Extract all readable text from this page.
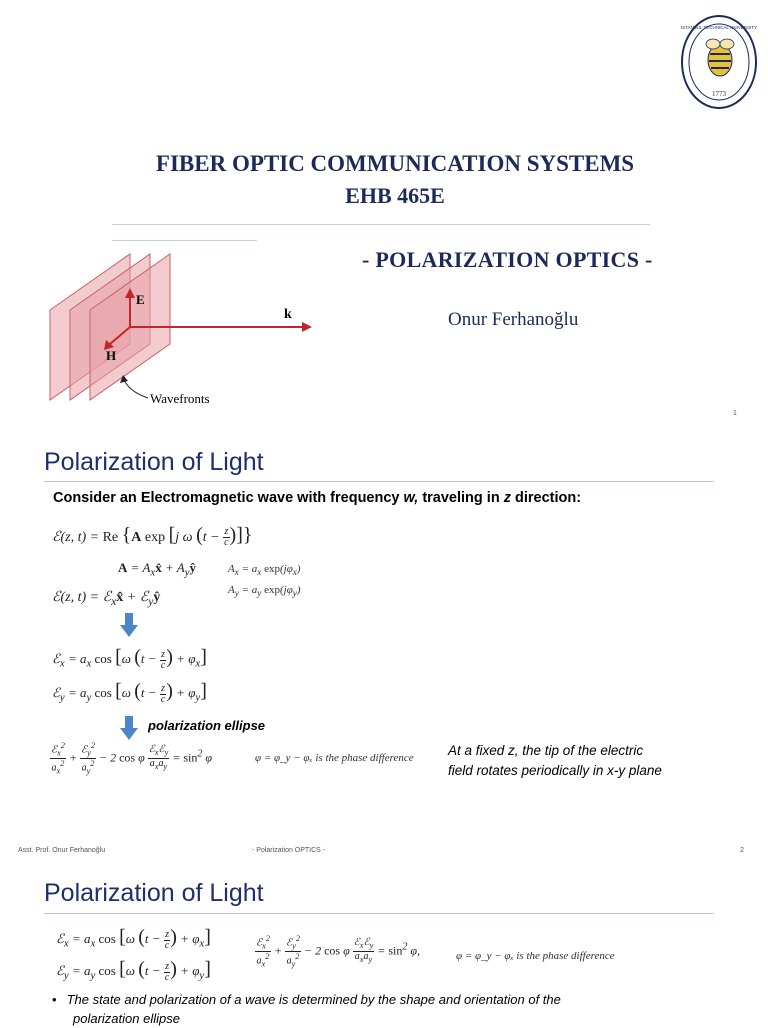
1773
ISTANBUL TECHNICAL UNIVERSITY
FIBER OPTIC COMMUNICATION SYSTEMS
EHB 465E
- POLARIZATION OPTICS -
Onur Ferhanoğlu
E
H
k
Wavefronts
1
Polarization of Light
Consider an Electromagnetic wave with frequency w, traveling in z direction:
ℰ(z, t) = Re {A exp [j ω ($t - \frac{z}{c}$ )]}
$A = A_xx̂$ + $A_yŷ$	$A_x = a_x$ $\exp(j\varphi_x)$
$A_y = a_y$ $\exp(j\varphi_y)$
ℰ(z, t) = ℰ$_x$x̂ + ℰ$_y$ŷ
ℰ$_x$ = $a_x$ cos [ω ($t - \frac{z}{c}$ ) + $\varphi_x$]
ℰ$_y$ = $a_y$ cos [ω ($t - \frac{z}{c}$ ) + $\varphi_y$]
polarization ellipse
$\frac{ℰ_x^2}{a_x^2} + \frac{ℰ_y^2}{a_y^2} - 2$ cos φ $\frac{ℰ_xℰ_y}{a_xa_y} = \sin^2 \varphi$	φ = φ_y − φₓ is the phase difference	At a fixed z, the tip of the electric
field rotates periodically in x-y plane
Asst. Prof. Onur Ferhanoğlu	- Polarization OPTICS -	2
Polarization of Light
ℰ$_x$ = $a_x$ cos [ω ($t - \frac{z}{c}$ ) + $\varphi_x$]
ℰ$_y$ = $a_y$ cos [ω ($t - \frac{z}{c}$ ) + $\varphi_y$]	$\frac{ℰ_x^2}{a_x^2} + \frac{ℰ_y^2}{a_y^2} - 2$ cos φ $\frac{ℰ_xℰ_y}{a_xa_y} = \sin^2 \varphi$,	φ = φ_y − φₓ is the phase difference
• The state and polarization of a wave is determined by the shape and orientation of the
polarization ellipse
